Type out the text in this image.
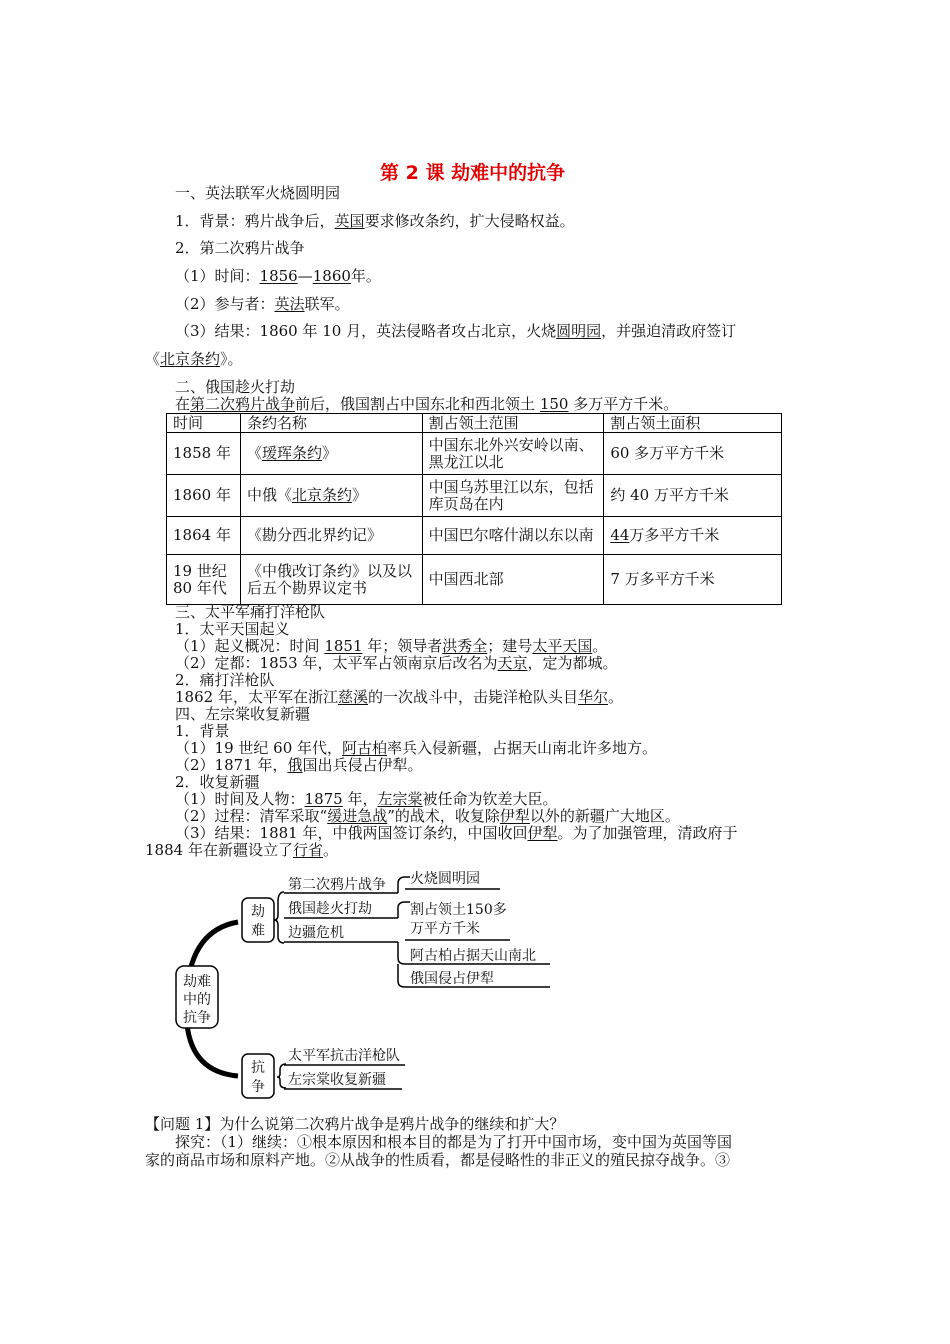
第 2 课 劫难中的抗争
一、英法联军火烧圆明园
1．背景：鸦片战争后，英国要求修改条约，扩大侵略权益。
2．第二次鸦片战争
（1）时间：1856—1860年。
（2）参与者：英法联军。
（3）结果：1860 年 10 月，英法侵略者攻占北京，火烧圆明园，并强迫清政府签订
《北京条约》。
二、俄国趁火打劫
在第二次鸦片战争前后，俄国割占中国东北和西北领土 150 多万平方千米。
时间	条约名称	割占领土范围	割占领土面积
1858 年	《瑷珲条约》	中国东北外兴安岭以南、黑龙江以北	60 多万平方千米
1860 年	中俄《北京条约》	中国乌苏里江以东，包括库页岛在内	约 40 万平方千米
1864 年	《勘分西北界约记》	中国巴尔喀什湖以东以南	44万多平方千米
19 世纪 80 年代	《中俄改订条约》以及以后五个勘界议定书	中国西北部	7 万多平方千米
三、太平军痛打洋枪队
1．太平天国起义
（1）起义概况：时间 1851 年；领导者洪秀全；建号太平天国。
（2）定都：1853 年，太平军占领南京后改名为天京，定为都城。
2．痛打洋枪队
1862 年，太平军在浙江慈溪的一次战斗中，击毙洋枪队头目华尔。
四、左宗棠收复新疆
1．背景
（1）19 世纪 60 年代，阿古柏率兵入侵新疆，占据天山南北许多地方。
（2）1871 年，俄国出兵侵占伊犁。
2．收复新疆
（1）时间及人物：1875 年，左宗棠被任命为钦差大臣。
（2）过程：清军采取“缓进急战”的战术，收复除伊犁以外的新疆广大地区。
（3）结果：1881 年，中俄两国签订条约，中国收回伊犁。为了加强管理，清政府于
1884 年在新疆设立了行省。
劫难
中的
抗争
劫
难
第二次鸦片战争
俄国趁火打劫
边疆危机
火烧圆明园
割占领土150多
万平方千米
阿古柏占据天山南北
俄国侵占伊犁
抗
争
太平军抗击洋枪队
左宗棠收复新疆
【问题 1】为什么说第二次鸦片战争是鸦片战争的继续和扩大？
探究：（1）继续：①根本原因和根本目的都是为了打开中国市场，变中国为英国等国
家的商品市场和原料产地。②从战争的性质看，都是侵略性的非正义的殖民掠夺战争。③
